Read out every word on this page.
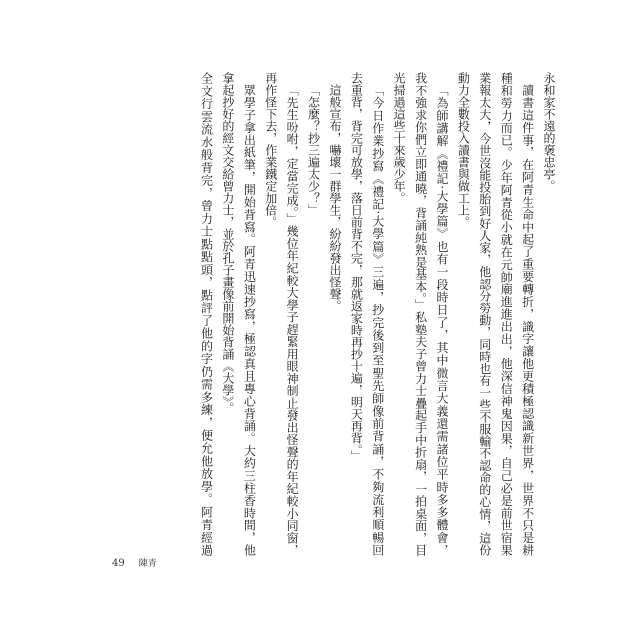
永和家不遠的褒忠亭。
讀書這件事，在阿青生命中起了重要轉折，識字讓他更積極認識新世界，世界不只是耕
種和勞力而已。少年阿青從小就在元帥廟進進出出，他深信神鬼因果，自己必是前世宿果
業報太大，今世沒能投胎到好人家，他認分勞動，同時也有一些不服輸不認命的心情，這份
動力全數投入讀書與做工上。
「為師講解《禮記‧大學篇》也有一段時日了，其中微言大義還需諸位平時多多體會，
我不強求你們立即通曉，背誦純熟是基本。」私塾夫子曾力士疊起手中折扇，一拍桌面，目
光掃過這些十來歲少年。
「今日作業抄寫《禮記‧大學篇》三遍，抄完後到至聖先師像前背誦，不夠流利順暢回
去重背，背完可放學，落日前背不完，那就返家時再抄十遍，明天再背。」
這般宣布，嚇壞一群學生，紛紛發出怪聲。
「怎麼？抄三遍太少？」
「先生吩咐，定當完成。」幾位年紀較大學子趕緊用眼神制止發出怪聲的年紀較小同窗，
再作怪下去，作業鐵定加倍。
眾學子拿出紙筆，開始背寫。阿青迅速抄寫，極認真且專心背誦。大約三柱香時間，他
拿起抄好的經文交給曾力士，並於孔子畫像前開始背誦《大學》。
全文行雲流水般背完，曾力士點點頭，點評了他的字仍需多練，便允他放學。阿青經過
49 陳青
